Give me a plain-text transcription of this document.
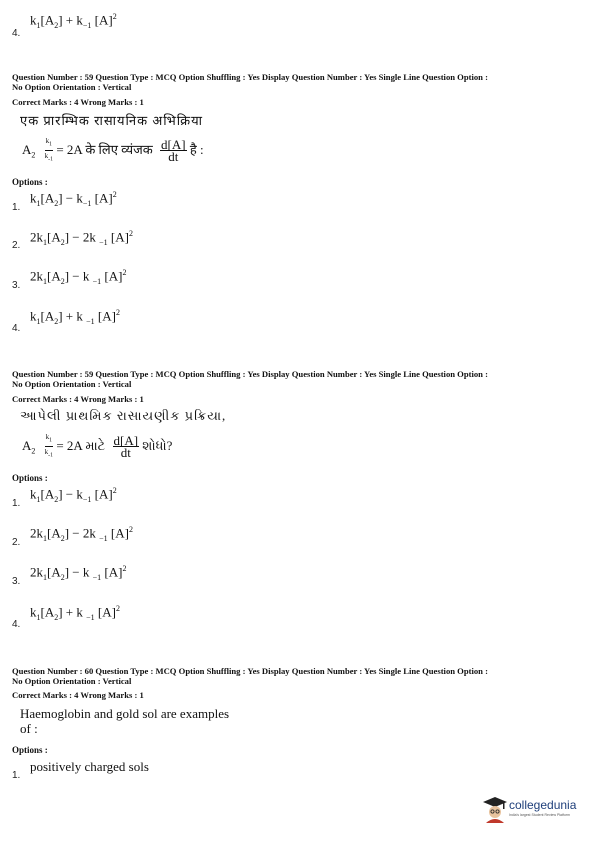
4.
$k_1[A_2] + k_{-1}$ $[A]^2$
Question Number : 59 Question Type : MCQ Option Shuffling : Yes Display Question Number : Yes Single Line Question Option :
No Option Orientation : Vertical
Correct Marks : 4 Wrong Marks : 1
एक प्रारम्भिक रासायनिक अभिक्रिया
$A_2 \frac{k_1}{k_{-1}} = 2A$ के लिए व्यंजक $\frac{d[A]}{dt}$ है :
Options :
1.
$k_1[A_2] - k_{-1}$ $[A]^2$
2.
$2k_1[A_2] - 2k$ $_{-1}$ $[A]^2$
3.
$2k_1[A_2] - k$ $_{-1}$ $[A]^2$
4.
$k_1[A_2] + k$ $_{-1}$ $[A]^2$
Question Number : 59 Question Type : MCQ Option Shuffling : Yes Display Question Number : Yes Single Line Question Option :
No Option Orientation : Vertical
Correct Marks : 4 Wrong Marks : 1
આપેલી પ્રાથમિક રાસાયણીક પ્રક્રિયા,
$A_2 \frac{k_1}{k_{-1}} = 2A$ માટે $\frac{d[A]}{dt}$ શોધો?
Options :
1.
$k_1[A_2] - k_{-1}$ $[A]^2$
2.
$2k_1[A_2] - 2k$ $_{-1}$ $[A]^2$
3.
$2k_1[A_2] - k$ $_{-1}$ $[A]^2$
4.
$k_1[A_2] + k$ $_{-1}$ $[A]^2$
Question Number : 60 Question Type : MCQ Option Shuffling : Yes Display Question Number : Yes Single Line Question Option :
No Option Orientation : Vertical
Correct Marks : 4 Wrong Marks : 1
Haemoglobin and gold sol are examples
of :
Options :
1.
positively charged sols
collegedunia
India's largest Student Review Platform
